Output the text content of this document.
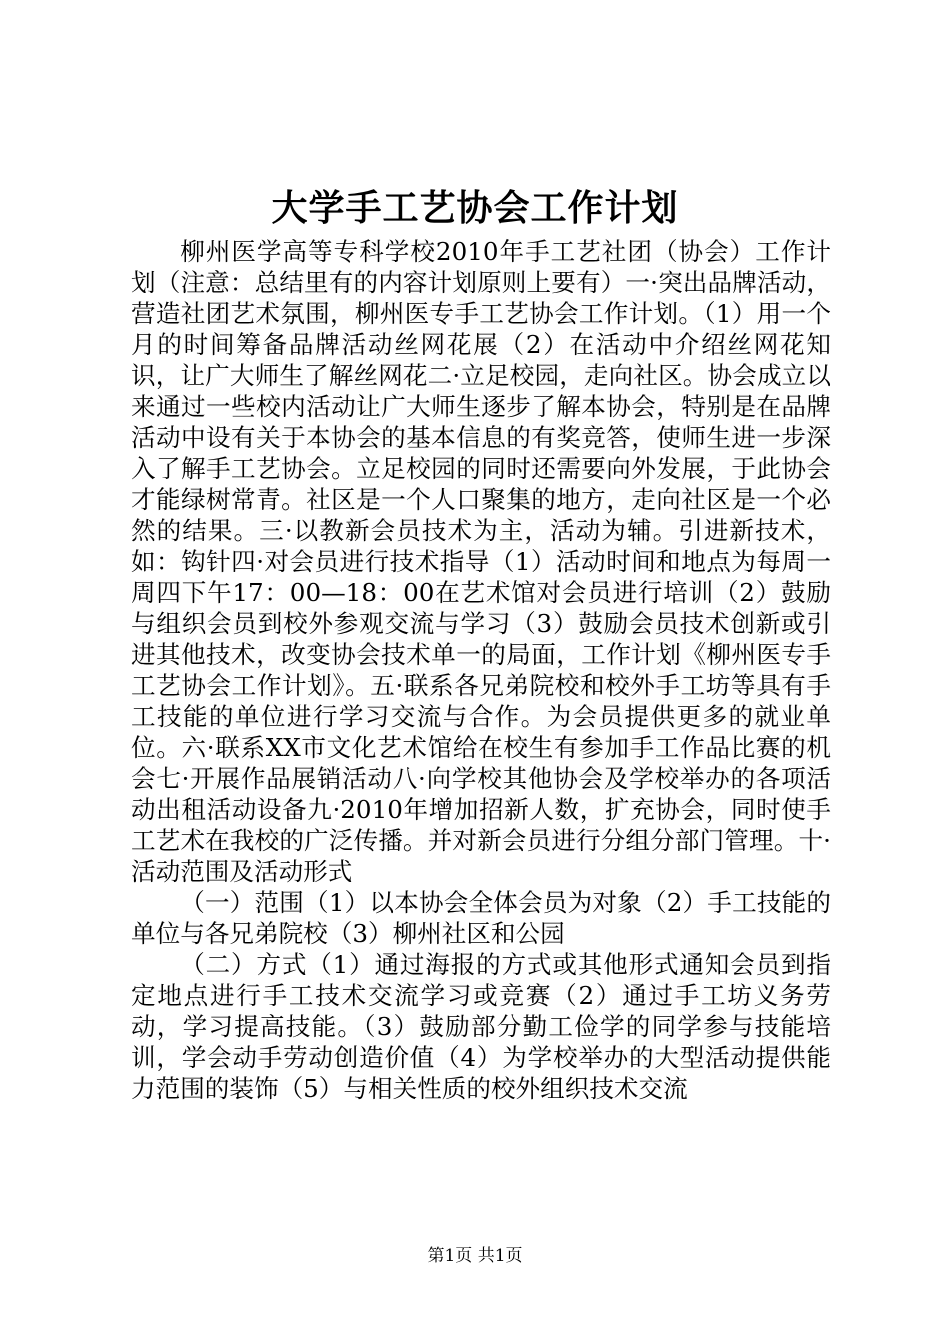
大学手工艺协会工作计划

柳州医学高等专科学校2010年手工艺社团（协会）工作计划（注意：总结里有的内容计划原则上要有）一·突出品牌活动，营造社团艺术氛围，柳州医专手工艺协会工作计划。（1）用一个月的时间筹备品牌活动丝网花展（2）在活动中介绍丝网花知识，让广大师生了解丝网花二·立足校园，走向社区。协会成立以来通过一些校内活动让广大师生逐步了解本协会，特别是在品牌活动中设有关于本协会的基本信息的有奖竞答，使师生进一步深入了解手工艺协会。立足校园的同时还需要向外发展，于此协会才能绿树常青。社区是一个人口聚集的地方，走向社区是一个必然的结果。三·以教新会员技术为主，活动为辅。引进新技术，如：钩针四·对会员进行技术指导（1）活动时间和地点为每周一周四下午17：00—18：00在艺术馆对会员进行培训（2）鼓励与组织会员到校外参观交流与学习（3）鼓励会员技术创新或引进其他技术，改变协会技术单一的局面，工作计划《柳州医专手工艺协会工作计划》。五·联系各兄弟院校和校外手工坊等具有手工技能的单位进行学习交流与合作。为会员提供更多的就业单位。六·联系XX市文化艺术馆给在校生有参加手工作品比赛的机会七·开展作品展销活动八·向学校其他协会及学校举办的各项活动出租活动设备九·2010年增加招新人数，扩充协会，同时使手工艺术在我校的广泛传播。并对新会员进行分组分部门管理。十·活动范围及活动形式

（一）范围（1）以本协会全体会员为对象（2）手工技能的单位与各兄弟院校（3）柳州社区和公园

（二）方式（1）通过海报的方式或其他形式通知会员到指定地点进行手工技术交流学习或竞赛（2）通过手工坊义务劳动，学习提高技能。（3）鼓励部分勤工俭学的同学参与技能培训，学会动手劳动创造价值（4）为学校举办的大型活动提供能力范围的装饰（5）与相关性质的校外组织技术交流

第1页 共1页
